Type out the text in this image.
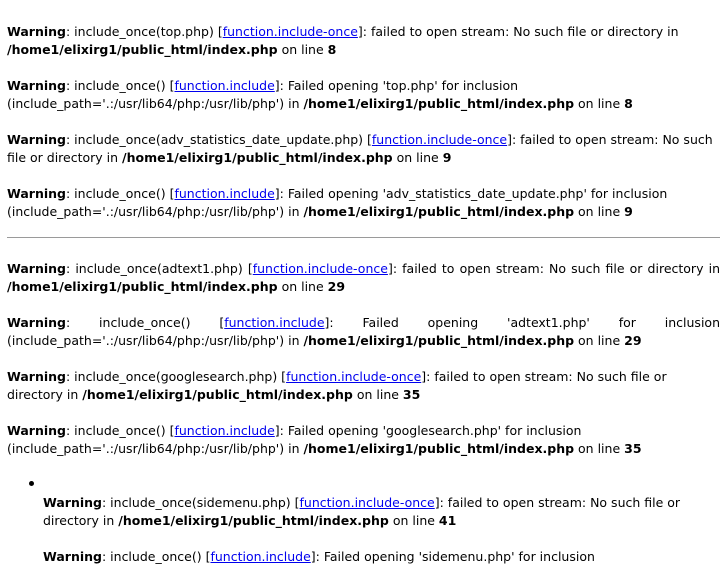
Warning: include_once(top.php) [function.include-once]: failed to open stream: No such file or directory in /home1/elixirg1/public_html/index.php on line 8

Warning: include_once() [function.include]: Failed opening 'top.php' for inclusion (include_path='.:/usr/lib64/php:/usr/lib/php') in /home1/elixirg1/public_html/index.php on line 8

Warning: include_once(adv_statistics_date_update.php) [function.include-once]: failed to open stream: No such file or directory in /home1/elixirg1/public_html/index.php on line 9

Warning: include_once() [function.include]: Failed opening 'adv_statistics_date_update.php' for inclusion (include_path='.:/usr/lib64/php:/usr/lib/php') in /home1/elixirg1/public_html/index.php on line 9

Warning: include_once(adtext1.php) [function.include-once]: failed to open stream: No such file or directory in /home1/elixirg1/public_html/index.php on line 29

Warning: include_once() [function.include]: Failed opening 'adtext1.php' for inclusion (include_path='.:/usr/lib64/php:/usr/lib/php') in /home1/elixirg1/public_html/index.php on line 29

Warning: include_once(googlesearch.php) [function.include-once]: failed to open stream: No such file or directory in /home1/elixirg1/public_html/index.php on line 35

Warning: include_once() [function.include]: Failed opening 'googlesearch.php' for inclusion (include_path='.:/usr/lib64/php:/usr/lib/php') in /home1/elixirg1/public_html/index.php on line 35

Warning: include_once(sidemenu.php) [function.include-once]: failed to open stream: No such file or directory in /home1/elixirg1/public_html/index.php on line 41

Warning: include_once() [function.include]: Failed opening 'sidemenu.php' for inclusion
